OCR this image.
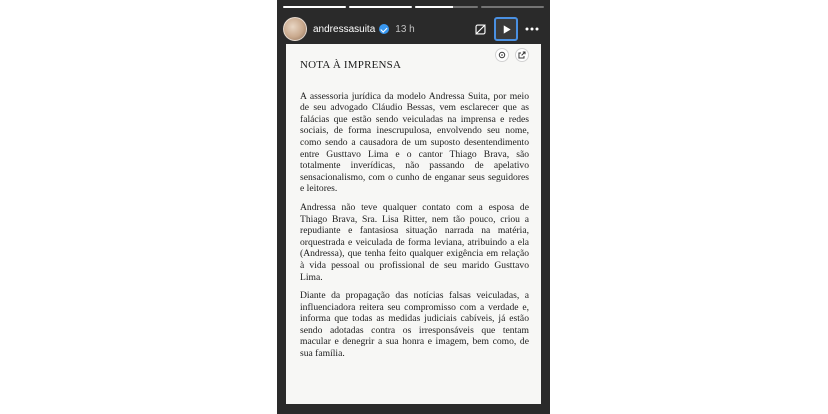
andressasuita 13 h
NOTA À IMPRENSA

A assessoria jurídica da modelo Andressa Suita, por meio de seu advogado Cláudio Bessas, vem esclarecer que as falácias que estão sendo veiculadas na imprensa e redes sociais, de forma inescrupulosa, envolvendo seu nome, como sendo a causadora de um suposto desentendimento entre Gusttavo Lima e o cantor Thiago Brava, são totalmente inverídicas, não passando de apelativo sensacionalismo, com o cunho de enganar seus seguidores e leitores.

Andressa não teve qualquer contato com a esposa de Thiago Brava, Sra. Lisa Ritter, nem tão pouco, criou a repudiante e fantasiosa situação narrada na matéria, orquestrada e veiculada de forma leviana, atribuindo a ela (Andressa), que tenha feito qualquer exigência em relação à vida pessoal ou profissional de seu marido Gusttavo Lima.

Diante da propagação das notícias falsas veiculadas, a influenciadora reitera seu compromisso com a verdade e, informa que todas as medidas judiciais cabíveis, já estão sendo adotadas contra os irresponsáveis que tentam macular e denegrir a sua honra e imagem, bem como, de sua família.
